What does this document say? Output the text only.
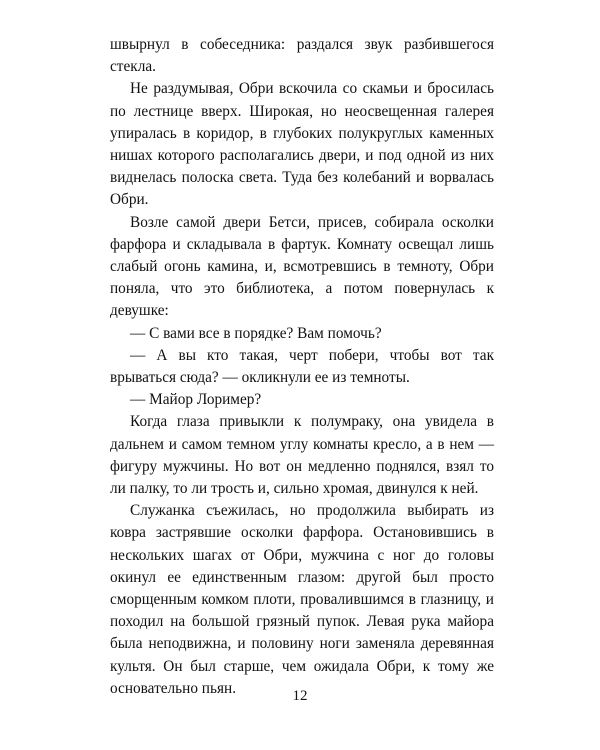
швырнул в собеседника: раздался звук разбившегося стекла.

Не раздумывая, Обри вскочила со скамьи и бросилась по лестнице вверх. Широкая, но неосвещенная галерея упиралась в коридор, в глубоких полукруглых каменных нишах которого располагались двери, и под одной из них виднелась полоска света. Туда без колебаний и ворвалась Обри.

Возле самой двери Бетси, присев, собирала осколки фарфора и складывала в фартук. Комнату освещал лишь слабый огонь камина, и, всмотревшись в темноту, Обри поняла, что это библиотека, а потом повернулась к девушке:

— С вами все в порядке? Вам помочь?

— А вы кто такая, черт побери, чтобы вот так врываться сюда? — окликнули ее из темноты.

— Майор Лоример?

Когда глаза привыкли к полумраку, она увидела в дальнем и самом темном углу комнаты кресло, а в нем — фигуру мужчины. Но вот он медленно поднялся, взял то ли палку, то ли трость и, сильно хромая, двинулся к ней.

Служанка съежилась, но продолжила выбирать из ковра застрявшие осколки фарфора. Остановившись в нескольких шагах от Обри, мужчина с ног до головы окинул ее единственным глазом: другой был просто сморщенным комком плоти, провалившимся в глазницу, и походил на большой грязный пупок. Левая рука майора была неподвижна, и половину ноги заменяла деревянная культя. Он был старше, чем ожидала Обри, к тому же основательно пьян.	12
